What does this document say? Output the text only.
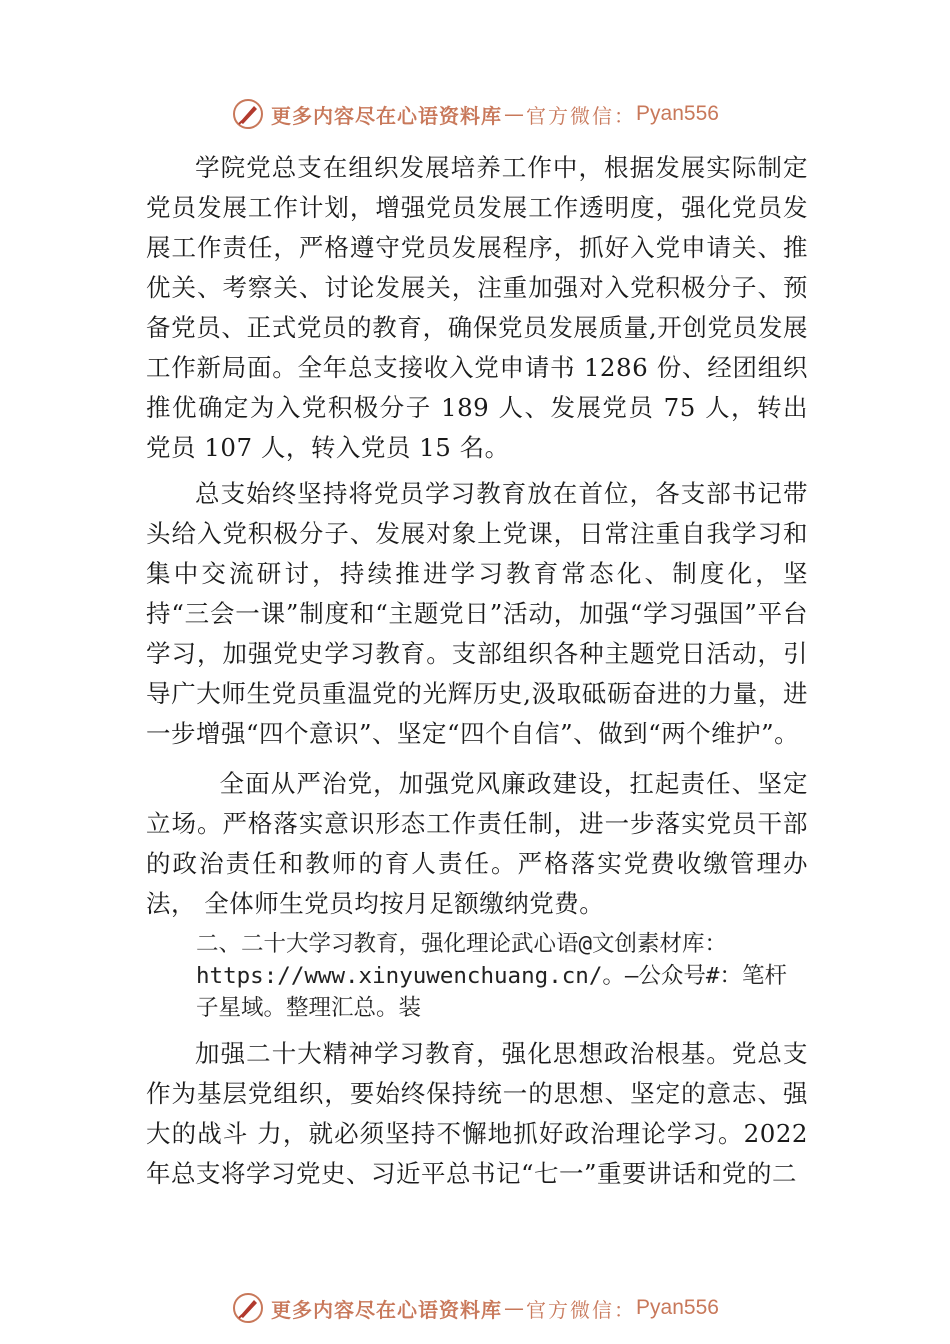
更多内容尽在心语资料库 — 官方微信： Pyan556

学院党总支在组织发展培养工作中，根据发展实际制定党员发展工作计划，增强党员发展工作透明度，强化党员发展工作责任，严格遵守党员发展程序，抓好入党申请关、推优关、考察关、讨论发展关，注重加强对入党积极分子、预备党员、正式党员的教育，确保党员发展质量,开创党员发展工作新局面。全年总支接收入党申请书 1286 份、经团组织推优确定为入党积极分子 189 人、发展党员 75 人，转出党员 107 人，转入党员 15 名。

总支始终坚持将党员学习教育放在首位，各支部书记带头给入党积极分子、发展对象上党课，日常注重自我学习和集中交流研讨，持续推进学习教育常态化、制度化，坚持“三会一课”制度和“主题党日”活动，加强“学习强国”平台学习，加强党史学习教育。支部组织各种主题党日活动，引导广大师生党员重温党的光辉历史,汲取砥砺奋进的力量，进一步增强“四个意识”、坚定“四个自信”、做到“两个维护”。

全面从严治党，加强党风廉政建设，扛起责任、坚定立场。严格落实意识形态工作责任制，进一步落实党员干部的政治责任和教师的育人责任。严格落实党费收缴管理办法， 全体师生党员均按月足额缴纳党费。

二、二十大学习教育，强化理论武心语@文创素材库：https://www.xinyuwenchuang.cn/。—公众号#：笔杆子星域。整理汇总。装

加强二十大精神学习教育，强化思想政治根基。党总支作为基层党组织，要始终保持统一的思想、坚定的意志、强大的战斗 力，就必须坚持不懈地抓好政治理论学习。2022 年总支将学习党史、习近平总书记“七一”重要讲话和党的二

更多内容尽在心语资料库 — 官方微信： Pyan556
